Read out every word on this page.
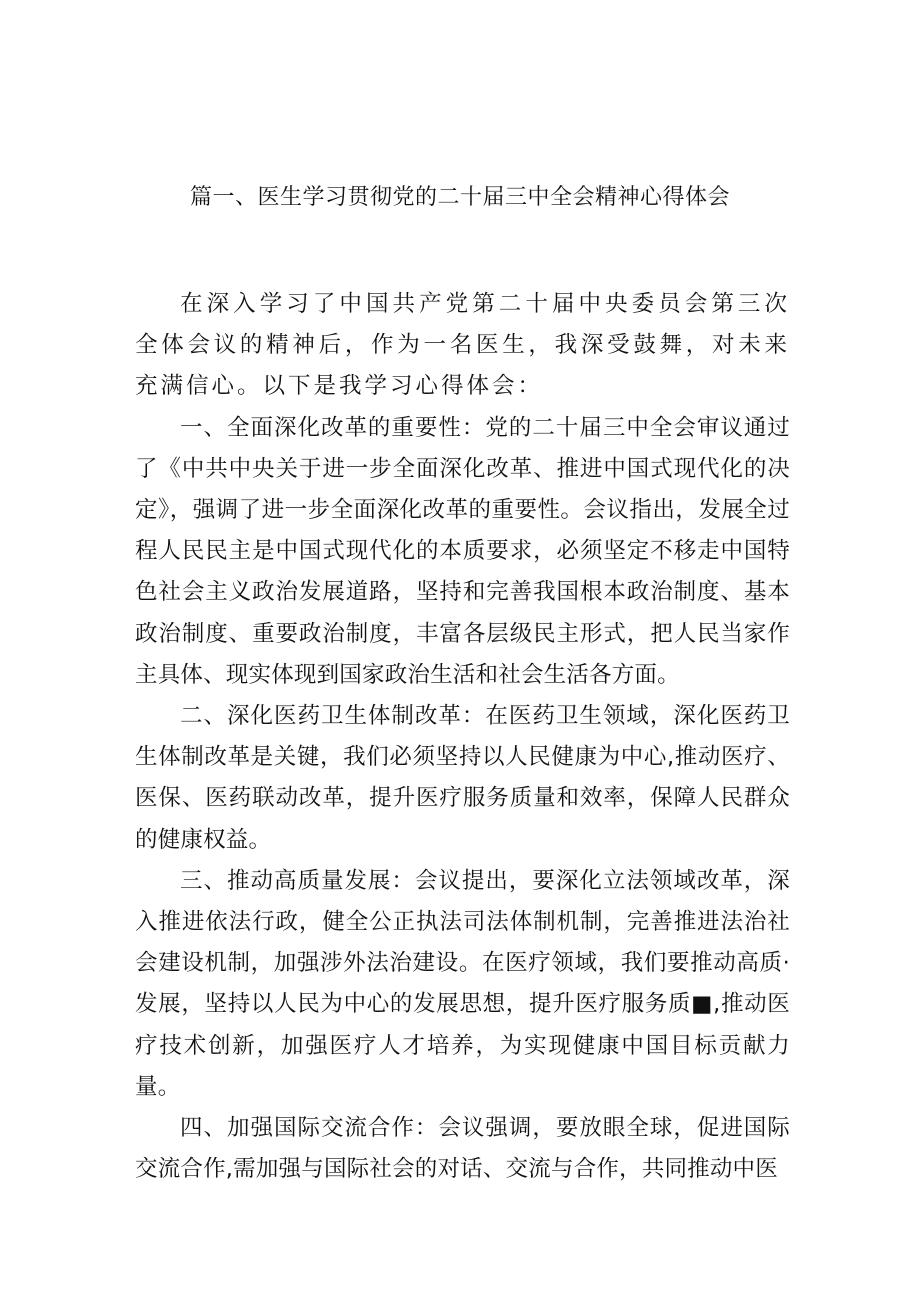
篇一、医生学习贯彻党的二十届三中全会精神心得体会

在深入学习了中国共产党第二十届中央委员会第三次全体会议的精神后，作为一名医生，我深受鼓舞，对未来充满信心。以下是我学习心得体会：

一、全面深化改革的重要性：党的二十届三中全会审议通过了《中共中央关于进一步全面深化改革、推进中国式现代化的决定》，强调了进一步全面深化改革的重要性。会议指出，发展全过程人民民主是中国式现代化的本质要求，必须坚定不移走中国特色社会主义政治发展道路，坚持和完善我国根本政治制度、基本政治制度、重要政治制度，丰富各层级民主形式，把人民当家作主具体、现实体现到国家政治生活和社会生活各方面。

二、深化医药卫生体制改革：在医药卫生领域，深化医药卫生体制改革是关键，我们必须坚持以人民健康为中心,推动医疗、医保、医药联动改革，提升医疗服务质量和效率，保障人民群众的健康权益。

三、推动高质量发展：会议提出，要深化立法领域改革，深入推进依法行政，健全公正执法司法体制机制，完善推进法治社会建设机制，加强涉外法治建设。在医疗领域，我们要推动高质·发展，坚持以人民为中心的发展思想，提升医疗服务质■,推动医疗技术创新，加强医疗人才培养，为实现健康中国目标贡献力量。

四、加强国际交流合作：会议强调，要放眼全球，促进国际交流合作,需加强与国际社会的对话、交流与合作，共同推动中医
